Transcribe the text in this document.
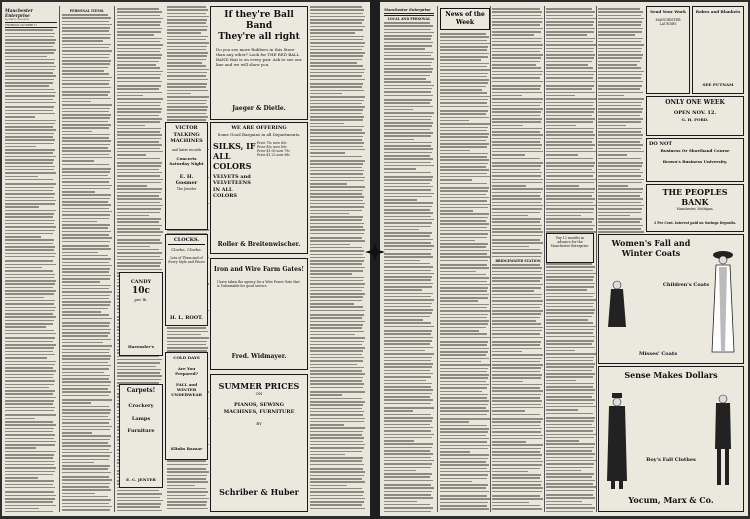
Manchester Enterprise
By MAT D. BLOSSER.
THURSDAY, OCTOBER 17
PERSONAL ITEMS.	If they're Ball Band
They're all right
Do you see more Rubbers in this Store than any other? Look for THE RED BALL BAND that is on every pair. Ask to see our line and we will show you.
Jaeger & Dietle.
VICTOR
TALKING
MACHINES
and latest records
Concerts Saturday Night
E. H. Gosmer
The Jeweler
WE ARE OFFERING
Some Good Bargains in all Departments.
SILKS, IF ALL COLORS
VELVETS and VELVETEENS IN ALL COLORS
Price 75c now 60c
Price 85c now 69c
Price $1.00 now 79c
Price $1.25 now 98c
Roller & Breitenwischer.
CLOCKS.
Clocks, Clocks.
Lots of Them and of Every Style and Prices
H. L. ROOT.
Iron and Wire Farm Gates!
I have taken the agency for a Wire Fence Gate that is Unbeatable for good service.
Fred. Widmayer.
CANDY
10c
per lb.
Haeussler's
COLD DAYS
Are You Prepared?
FALL and WINTER UNDERWEAR
Klinks Bazaar
Carpets!
Crockery
Lamps
Furniture
E. C. JENTER
SUMMER PRICES
ON
PIANOS, SEWING MACHINES, FURNITURE
BY
Schriber & Huber
Manchester Enterprise
LOCAL AND PERSONAL
News of the Week
BRIDGEWATER STATION
Pay 12 months in advance for the Manchester Enterprise.
Send Your Work
MANCHESTER LAUNDRY
Robes and Blankets
SEE PUTNAM
ONLY ONE WEEK
OPEN NOV. 12.
G. H. FORD.
DO NOT
Business Or Shorthand Course
Brown's Business University.
THE PEOPLES BANK
Manchester, Michigan.
3 Per Cent. Interest paid on Savings Deposits.
Women's Fall and Winter Coats
Children's Coats
Misses' Coats
Sense Makes Dollars
Boy's Fall Clothes
Yocum, Marx & Co.
